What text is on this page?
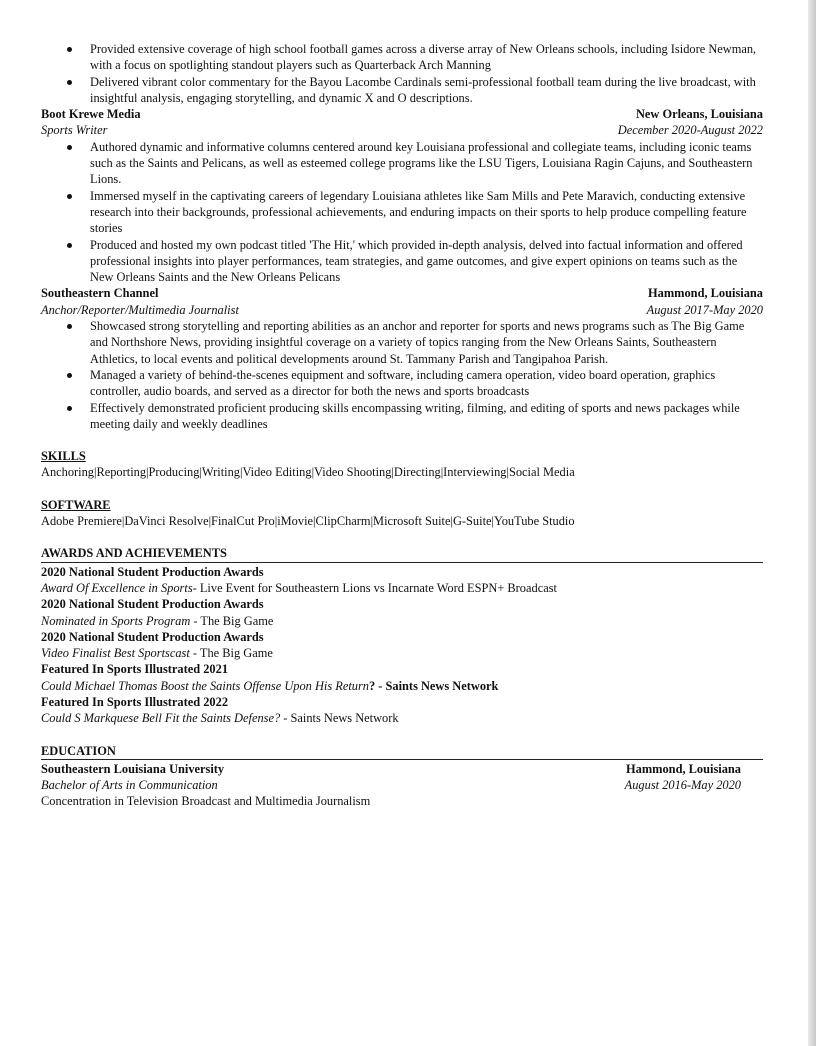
Provided extensive coverage of high school football games across a diverse array of New Orleans schools, including Isidore Newman, with a focus on spotlighting standout players such as Quarterback Arch Manning
Delivered vibrant color commentary for the Bayou Lacombe Cardinals semi-professional football team during the live broadcast, with insightful analysis, engaging storytelling, and dynamic X and O descriptions.
Boot Krewe Media	New Orleans, Louisiana
Sports Writer	December 2020-August 2022
Authored dynamic and informative columns centered around key Louisiana professional and collegiate teams, including iconic teams such as the Saints and Pelicans, as well as esteemed college programs like the LSU Tigers, Louisiana Ragin Cajuns, and Southeastern Lions.
Immersed myself in the captivating careers of legendary Louisiana athletes like Sam Mills and Pete Maravich, conducting extensive research into their backgrounds, professional achievements, and enduring impacts on their sports to help produce compelling feature stories
Produced and hosted my own podcast titled 'The Hit,' which provided in-depth analysis, delved into factual information and offered professional insights into player performances, team strategies, and game outcomes, and give expert opinions on teams such as the New Orleans Saints and the New Orleans Pelicans
Southeastern Channel	Hammond, Louisiana
Anchor/Reporter/Multimedia Journalist	August 2017-May 2020
Showcased strong storytelling and reporting abilities as an anchor and reporter for sports and news programs such as The Big Game and Northshore News, providing insightful coverage on a variety of topics ranging from the New Orleans Saints, Southeastern Athletics, to local events and political developments around St. Tammany Parish and Tangipahoa Parish.
Managed a variety of behind-the-scenes equipment and software, including camera operation, video board operation, graphics controller, audio boards, and served as a director for both the news and sports broadcasts
Effectively demonstrated proficient producing skills encompassing writing, filming, and editing of sports and news packages while meeting daily and weekly deadlines
SKILLS
Anchoring|Reporting|Producing|Writing|Video Editing|Video Shooting|Directing|Interviewing|Social Media
SOFTWARE
Adobe Premiere|DaVinci Resolve|FinalCut Pro|iMovie|ClipCharm|Microsoft Suite|G-Suite|YouTube Studio
AWARDS AND ACHIEVEMENTS
2020 National Student Production Awards
Award Of Excellence in Sports- Live Event for Southeastern Lions vs Incarnate Word ESPN+ Broadcast
2020 National Student Production Awards
Nominated in Sports Program - The Big Game
2020 National Student Production Awards
Video Finalist Best Sportscast - The Big Game
Featured In Sports Illustrated 2021
Could Michael Thomas Boost the Saints Offense Upon His Return? - Saints News Network
Featured In Sports Illustrated 2022
Could S Markquese Bell Fit the Saints Defense? - Saints News Network
EDUCATION
Southeastern Louisiana University	Hammond, Louisiana
Bachelor of Arts in Communication	August 2016-May 2020
Concentration in Television Broadcast and Multimedia Journalism
